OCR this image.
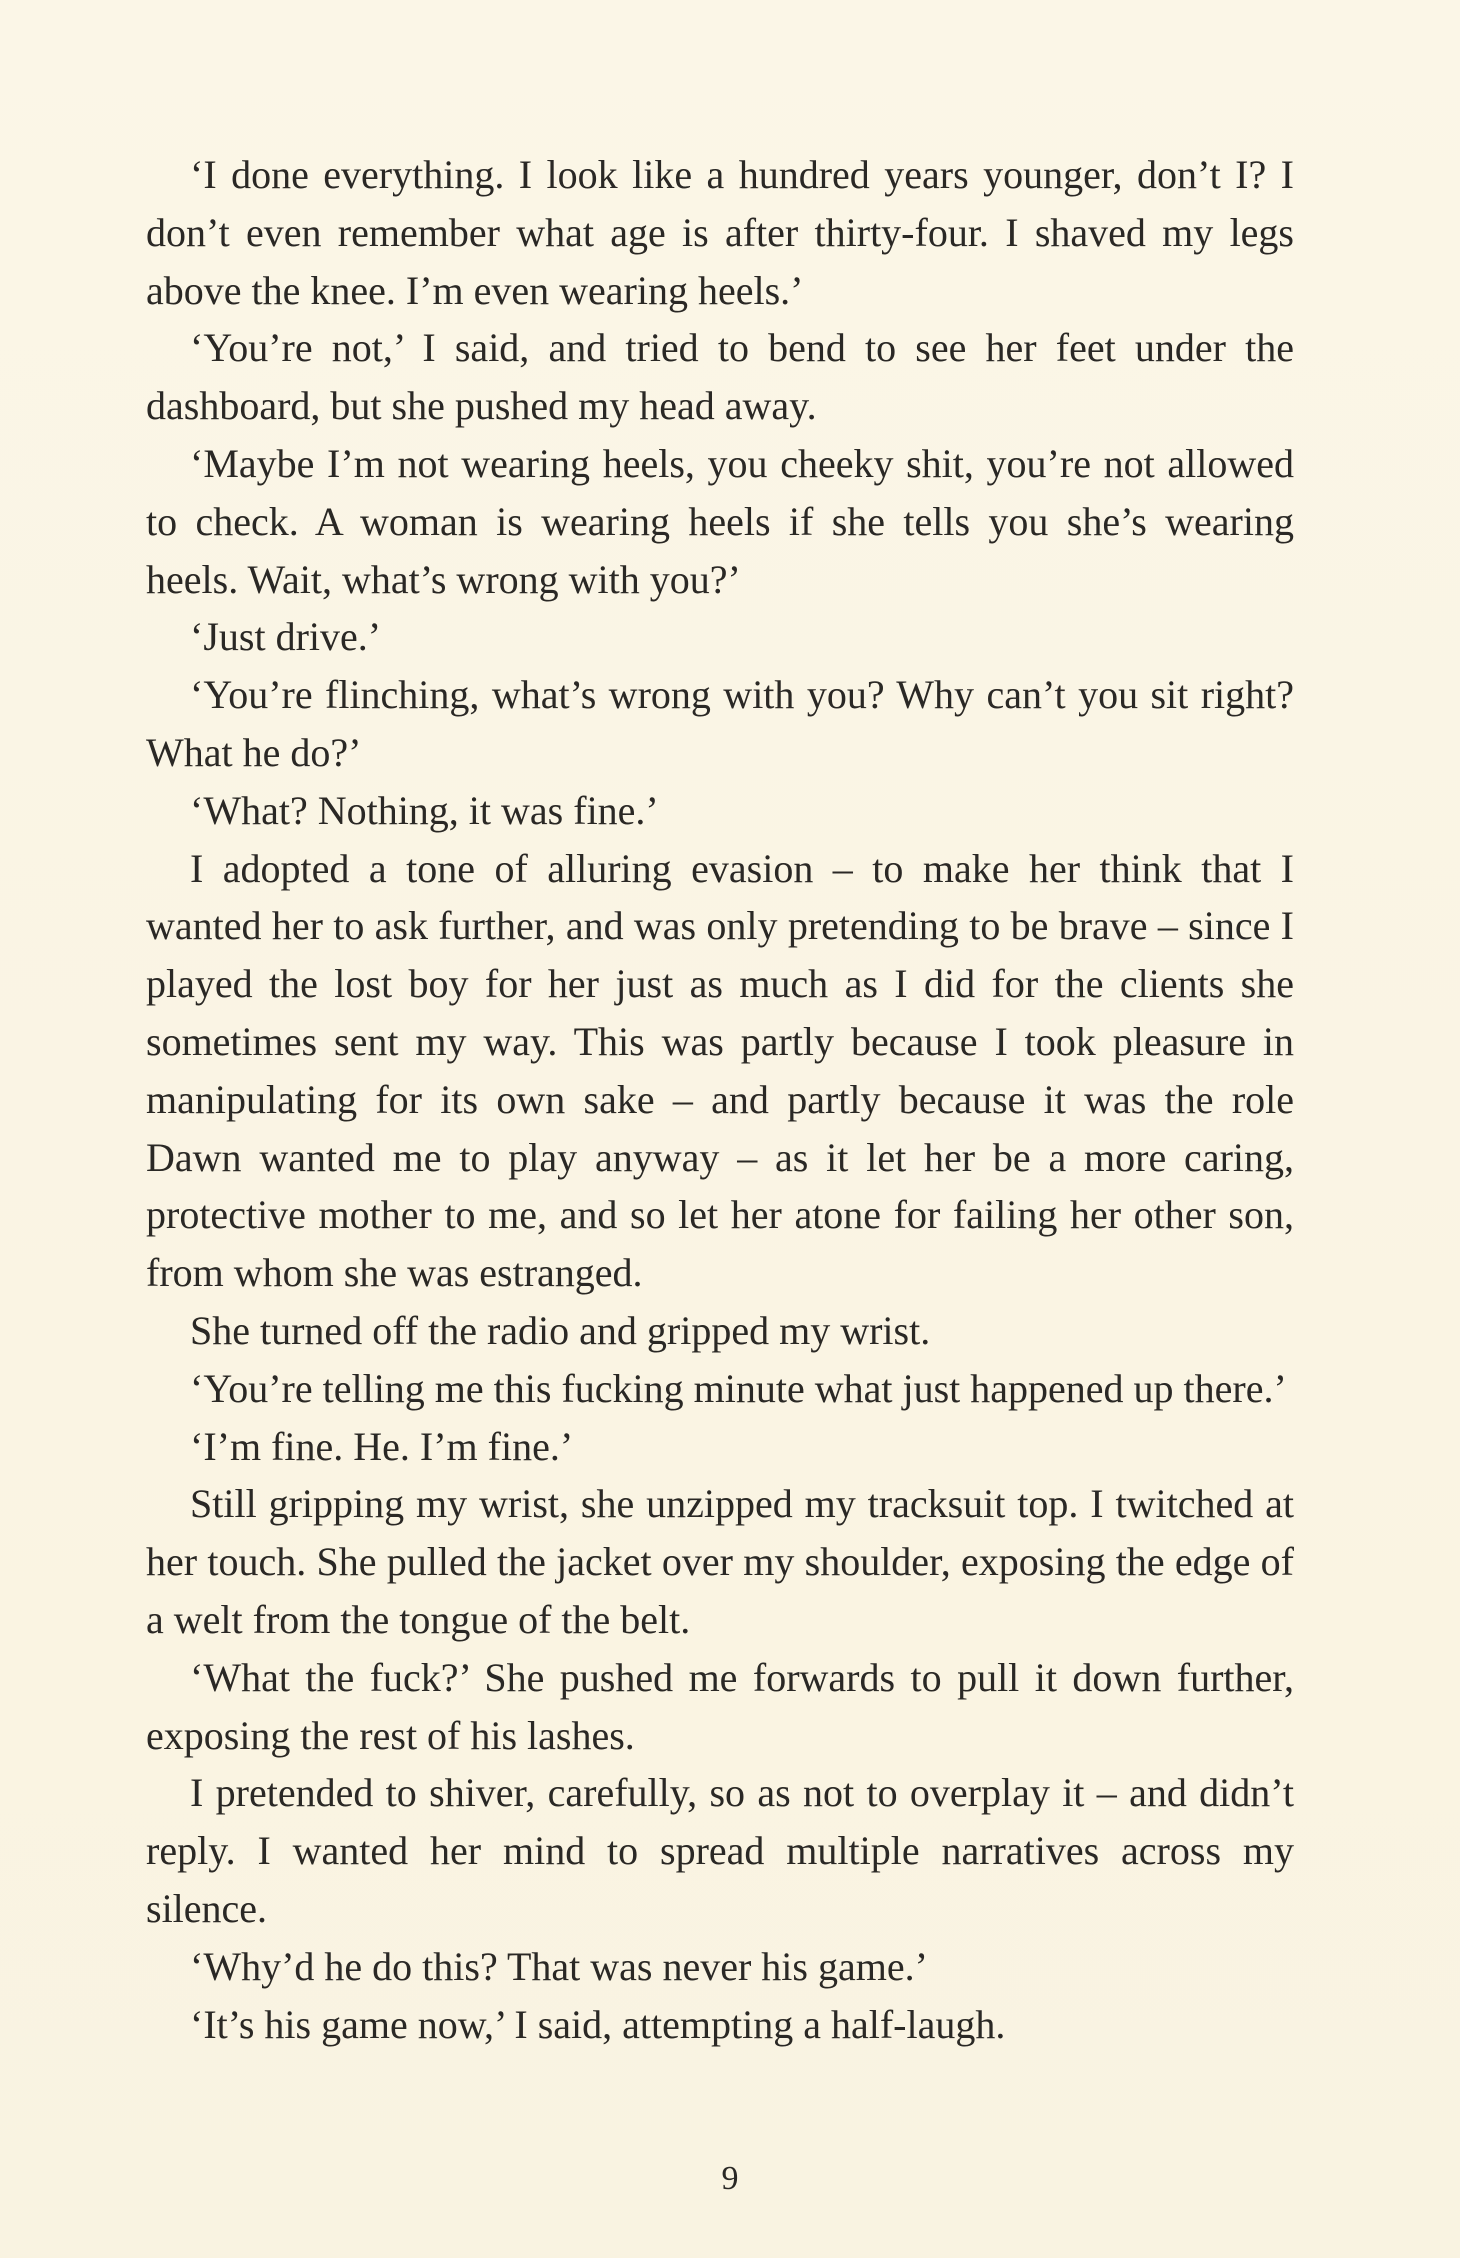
‘I done everything. I look like a hundred years younger, don’t I? I don’t even remember what age is after thirty-four. I shaved my legs above the knee. I’m even wearing heels.’

‘You’re not,’ I said, and tried to bend to see her feet under the dashboard, but she pushed my head away.

‘Maybe I’m not wearing heels, you cheeky shit, you’re not allowed to check. A woman is wearing heels if she tells you she’s wearing heels. Wait, what’s wrong with you?’

‘Just drive.’

‘You’re flinching, what’s wrong with you? Why can’t you sit right? What he do?’

‘What? Nothing, it was fine.’

I adopted a tone of alluring evasion – to make her think that I wanted her to ask further, and was only pretending to be brave – since I played the lost boy for her just as much as I did for the clients she sometimes sent my way. This was partly because I took pleasure in manipulating for its own sake – and partly because it was the role Dawn wanted me to play anyway – as it let her be a more caring, protective mother to me, and so let her atone for failing her other son, from whom she was estranged.

She turned off the radio and gripped my wrist.

‘You’re telling me this fucking minute what just happened up there.’

‘I’m fine. He. I’m fine.’

Still gripping my wrist, she unzipped my tracksuit top. I twitched at her touch. She pulled the jacket over my shoulder, exposing the edge of a welt from the tongue of the belt.

‘What the fuck?’ She pushed me forwards to pull it down further, exposing the rest of his lashes.

I pretended to shiver, carefully, so as not to overplay it – and didn’t reply. I wanted her mind to spread multiple narratives across my silence.

‘Why’d he do this? That was never his game.’

‘It’s his game now,’ I said, attempting a half-laugh.

9
